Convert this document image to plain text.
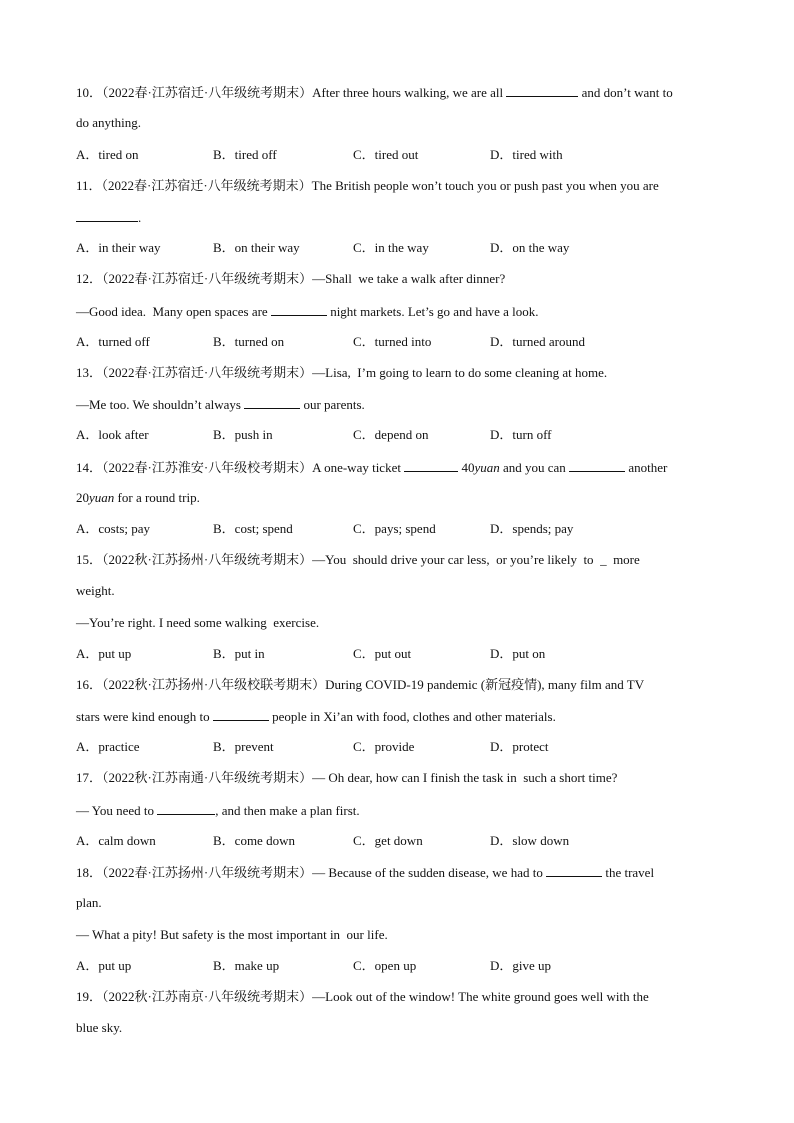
10．（2022春·江苏宿迁·八年级统考期末）After three hours walking, we are all	and don’t want to
do anything.
A．tired on	B．tired off	C．tired out	D．tired with
11．（2022春·江苏宿迁·八年级统考期末）The British people won’t touch you or push past you when you are
.
A．in their way	B．on their way	C．in the way	D．on the way
12．（2022春·江苏宿迁·八年级统考期末）—Shall  we take a walk after dinner?
—Good idea.  Many open spaces are	night markets. Let’s go and have a look.
A．turned off	B．turned on	C．turned into	D．turned around
13．（2022春·江苏宿迁·八年级统考期末）—Lisa,  I’m going to learn to do some cleaning at home.
—Me too. We shouldn’t always	our parents.
A．look after	B．push in	C．depend on	D．turn off
14．（2022春·江苏淮安·八年级校考期末）A one-way ticket	40yuan and you can	another
20yuan for a round trip.
A．costs; pay	B．cost; spend	C．pays; spend	D．spends; pay
15．（2022秋·江苏扬州·八年级统考期末）—You  should drive your car less,  or you’re likely  to  _  more
weight.
—You’re right. I need some walking  exercise.
A．put up	B．put in	C．put out	D．put on
16．（2022秋·江苏扬州·八年级校联考期末）During COVID-19 pandemic (新冠疫情), many film and TV
stars were kind enough to	people in Xi’an with food, clothes and other materials.
A．practice	B．prevent	C．provide	D．protect
17．（2022秋·江苏南通·八年级统考期末）— Oh dear, how can I finish the task in  such a short time?
— You need to	, and then make a plan first.
A．calm down	B．come down	C．get down	D．slow down
18．（2022春·江苏扬州·八年级统考期末）— Because of the sudden disease, we had to	the travel
plan.
— What a pity! But safety is the most important in  our life.
A．put up	B．make up	C．open up	D．give up
19．（2022秋·江苏南京·八年级统考期末）—Look out of the window! The white ground goes well with the
blue sky.
